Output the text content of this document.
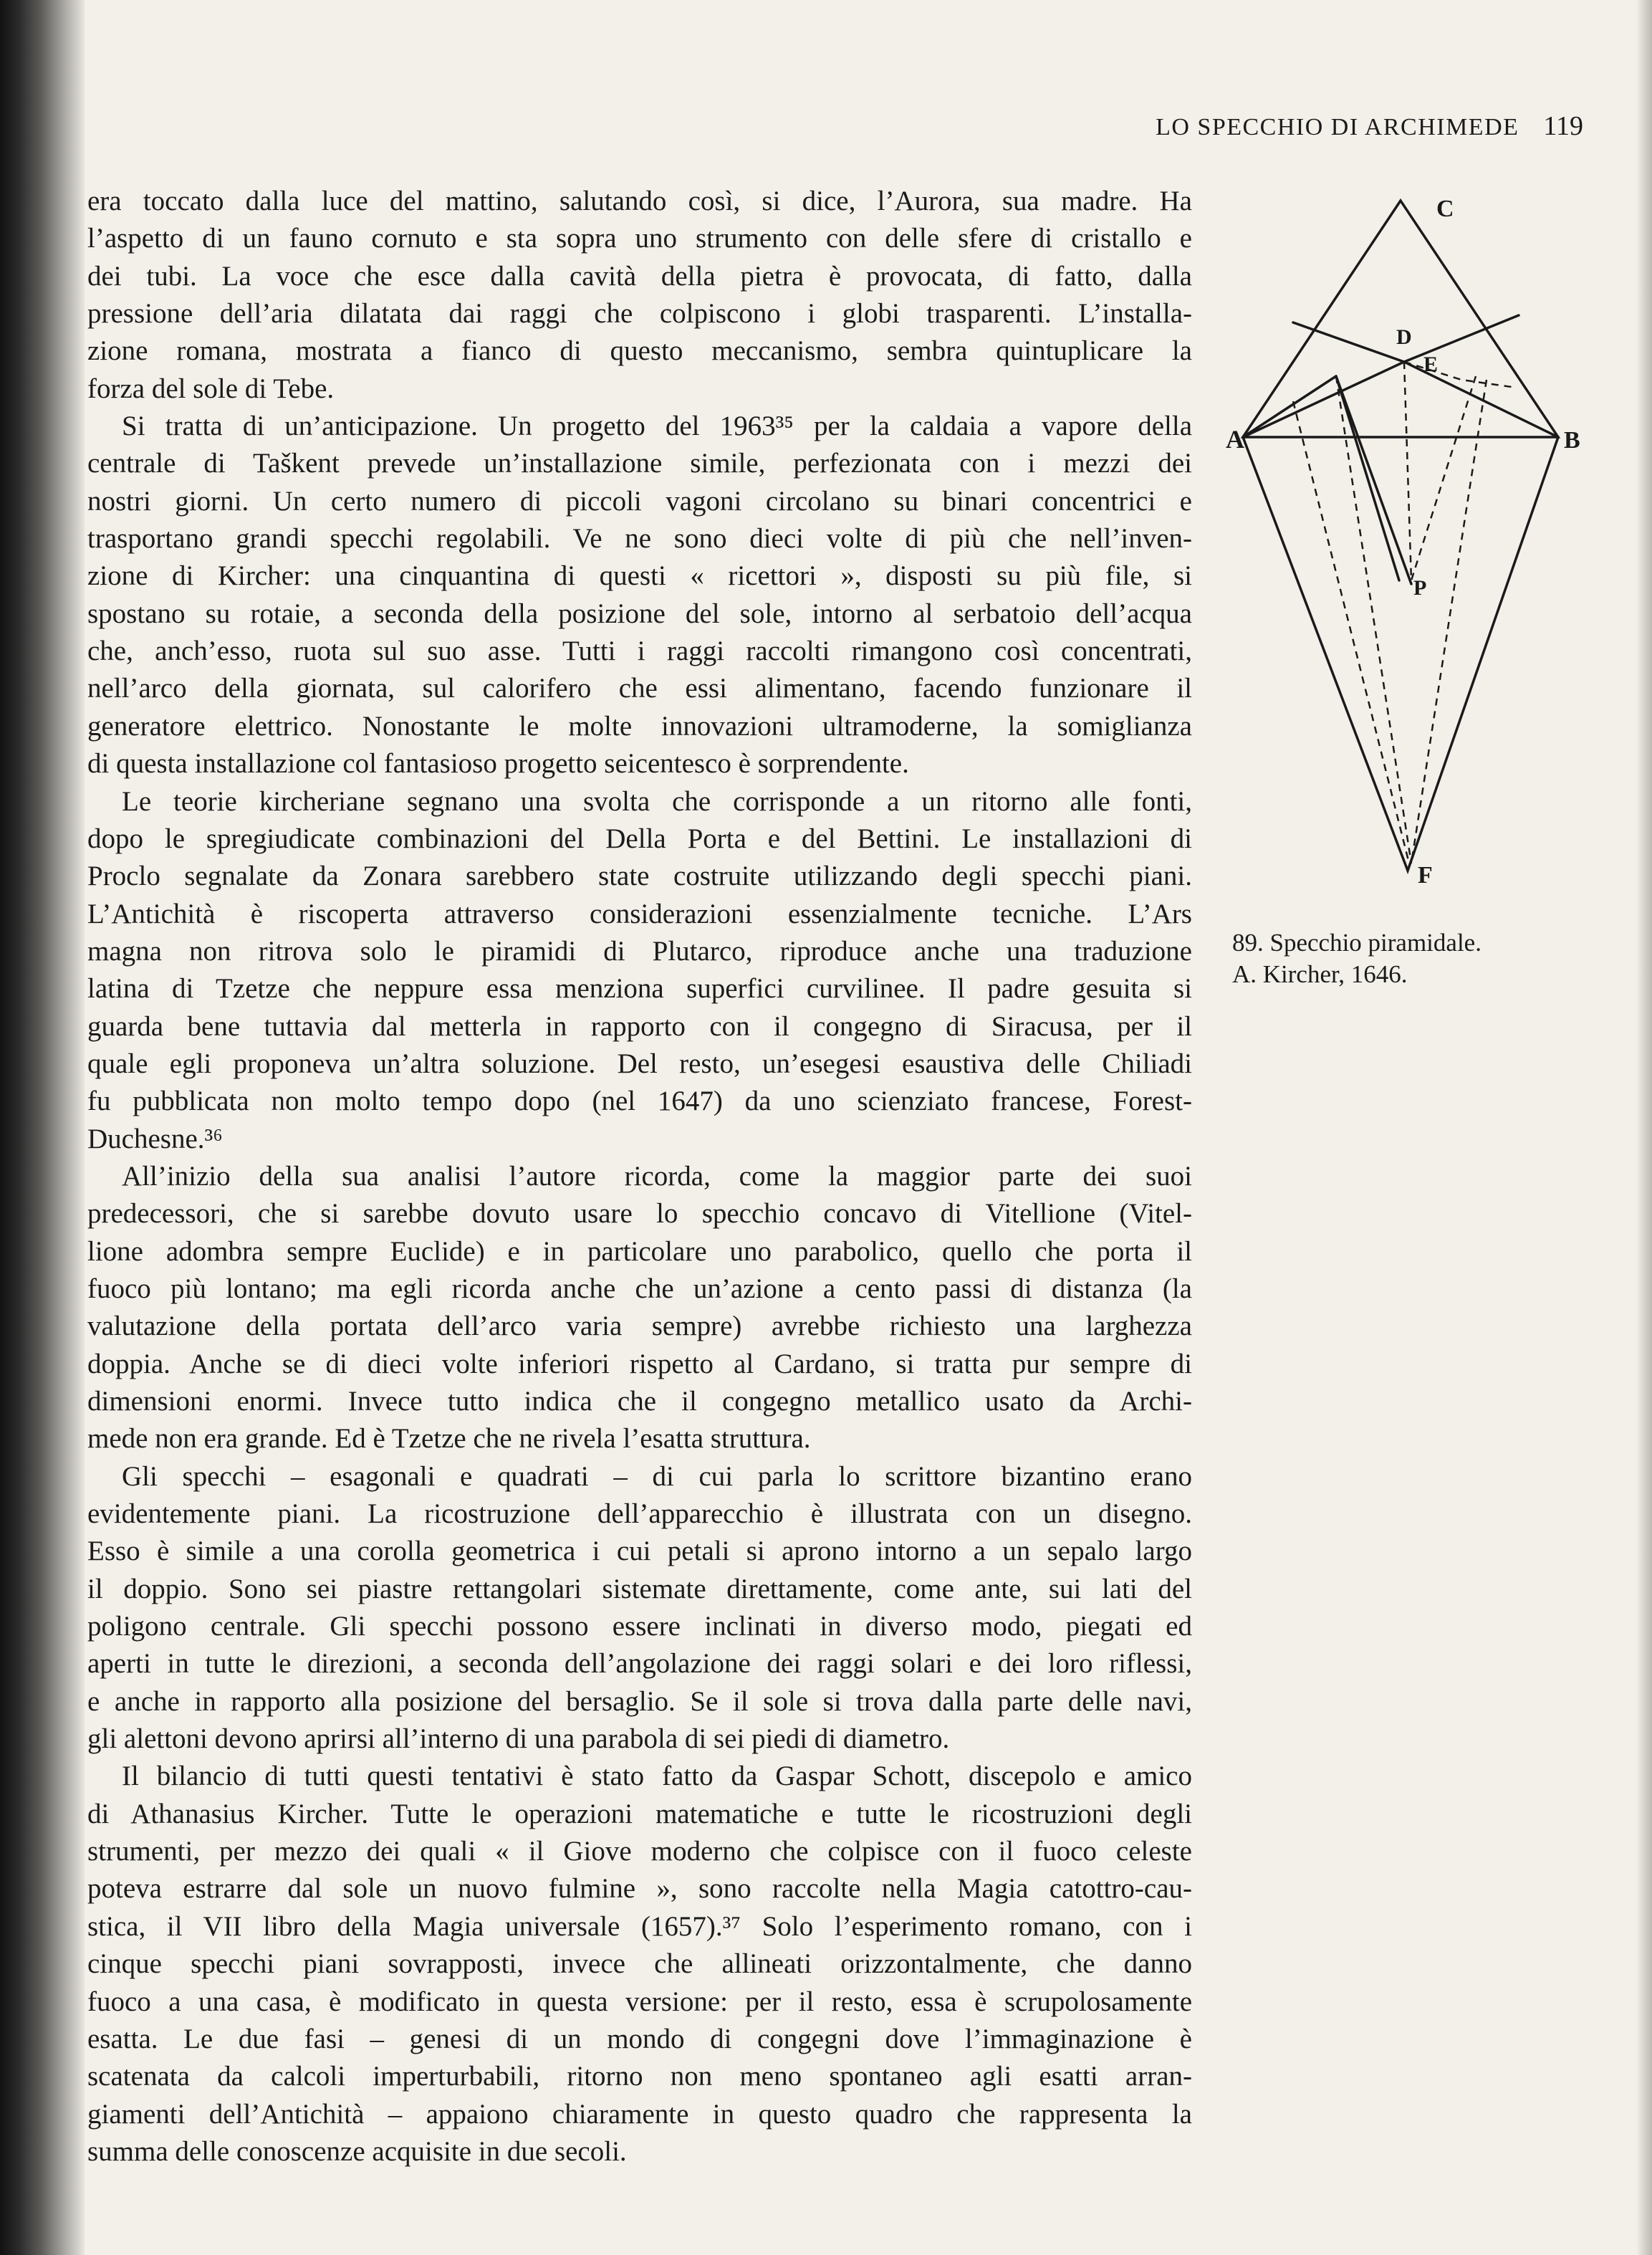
LO SPECCHIO DI ARCHIMEDE 119
era toccato dalla luce del mattino, salutando così, si dice, l’Aurora, sua madre. Ha
l’aspetto di un fauno cornuto e sta sopra uno strumento con delle sfere di cristallo e
dei tubi. La voce che esce dalla cavità della pietra è provocata, di fatto, dalla
pressione dell’aria dilatata dai raggi che colpiscono i globi trasparenti. L’installa-
zione romana, mostrata a fianco di questo meccanismo, sembra quintuplicare la
forza del sole di Tebe.
Si tratta di un’anticipazione. Un progetto del 1963³⁵ per la caldaia a vapore della
centrale di Taškent prevede un’installazione simile, perfezionata con i mezzi dei
nostri giorni. Un certo numero di piccoli vagoni circolano su binari concentrici e
trasportano grandi specchi regolabili. Ve ne sono dieci volte di più che nell’inven-
zione di Kircher: una cinquantina di questi « ricettori », disposti su più file, si
spostano su rotaie, a seconda della posizione del sole, intorno al serbatoio dell’acqua
che, anch’esso, ruota sul suo asse. Tutti i raggi raccolti rimangono così concentrati,
nell’arco della giornata, sul calorifero che essi alimentano, facendo funzionare il
generatore elettrico. Nonostante le molte innovazioni ultramoderne, la somiglianza
di questa installazione col fantasioso progetto seicentesco è sorprendente.
Le teorie kircheriane segnano una svolta che corrisponde a un ritorno alle fonti,
dopo le spregiudicate combinazioni del Della Porta e del Bettini. Le installazioni di
Proclo segnalate da Zonara sarebbero state costruite utilizzando degli specchi piani.
L’Antichità è riscoperta attraverso considerazioni essenzialmente tecniche. L’Ars
magna non ritrova solo le piramidi di Plutarco, riproduce anche una traduzione
latina di Tzetze che neppure essa menziona superfici curvilinee. Il padre gesuita si
guarda bene tuttavia dal metterla in rapporto con il congegno di Siracusa, per il
quale egli proponeva un’altra soluzione. Del resto, un’esegesi esaustiva delle Chiliadi
fu pubblicata non molto tempo dopo (nel 1647) da uno scienziato francese, Forest-
Duchesne.³⁶
All’inizio della sua analisi l’autore ricorda, come la maggior parte dei suoi
predecessori, che si sarebbe dovuto usare lo specchio concavo di Vitellione (Vitel-
lione adombra sempre Euclide) e in particolare uno parabolico, quello che porta il
fuoco più lontano; ma egli ricorda anche che un’azione a cento passi di distanza (la
valutazione della portata dell’arco varia sempre) avrebbe richiesto una larghezza
doppia. Anche se di dieci volte inferiori rispetto al Cardano, si tratta pur sempre di
dimensioni enormi. Invece tutto indica che il congegno metallico usato da Archi-
mede non era grande. Ed è Tzetze che ne rivela l’esatta struttura.
Gli specchi – esagonali e quadrati – di cui parla lo scrittore bizantino erano
evidentemente piani. La ricostruzione dell’apparecchio è illustrata con un disegno.
Esso è simile a una corolla geometrica i cui petali si aprono intorno a un sepalo largo
il doppio. Sono sei piastre rettangolari sistemate direttamente, come ante, sui lati del
poligono centrale. Gli specchi possono essere inclinati in diverso modo, piegati ed
aperti in tutte le direzioni, a seconda dell’angolazione dei raggi solari e dei loro riflessi,
e anche in rapporto alla posizione del bersaglio. Se il sole si trova dalla parte delle navi,
gli alettoni devono aprirsi all’interno di una parabola di sei piedi di diametro.
Il bilancio di tutti questi tentativi è stato fatto da Gaspar Schott, discepolo e amico
di Athanasius Kircher. Tutte le operazioni matematiche e tutte le ricostruzioni degli
strumenti, per mezzo dei quali « il Giove moderno che colpisce con il fuoco celeste
poteva estrarre dal sole un nuovo fulmine », sono raccolte nella Magia catottro-cau-
stica, il VII libro della Magia universale (1657).³⁷ Solo l’esperimento romano, con i
cinque specchi piani sovrapposti, invece che allineati orizzontalmente, che danno
fuoco a una casa, è modificato in questa versione: per il resto, essa è scrupolosamente
esatta. Le due fasi – genesi di un mondo di congegni dove l’immaginazione è
scatenata da calcoli imperturbabili, ritorno non meno spontaneo agli esatti arran-
giamenti dell’Antichità – appaiono chiaramente in questo quadro che rappresenta la
summa delle conoscenze acquisite in due secoli.
C
D
E
A	B
P
F
89. Specchio piramidale.
A. Kircher, 1646.
